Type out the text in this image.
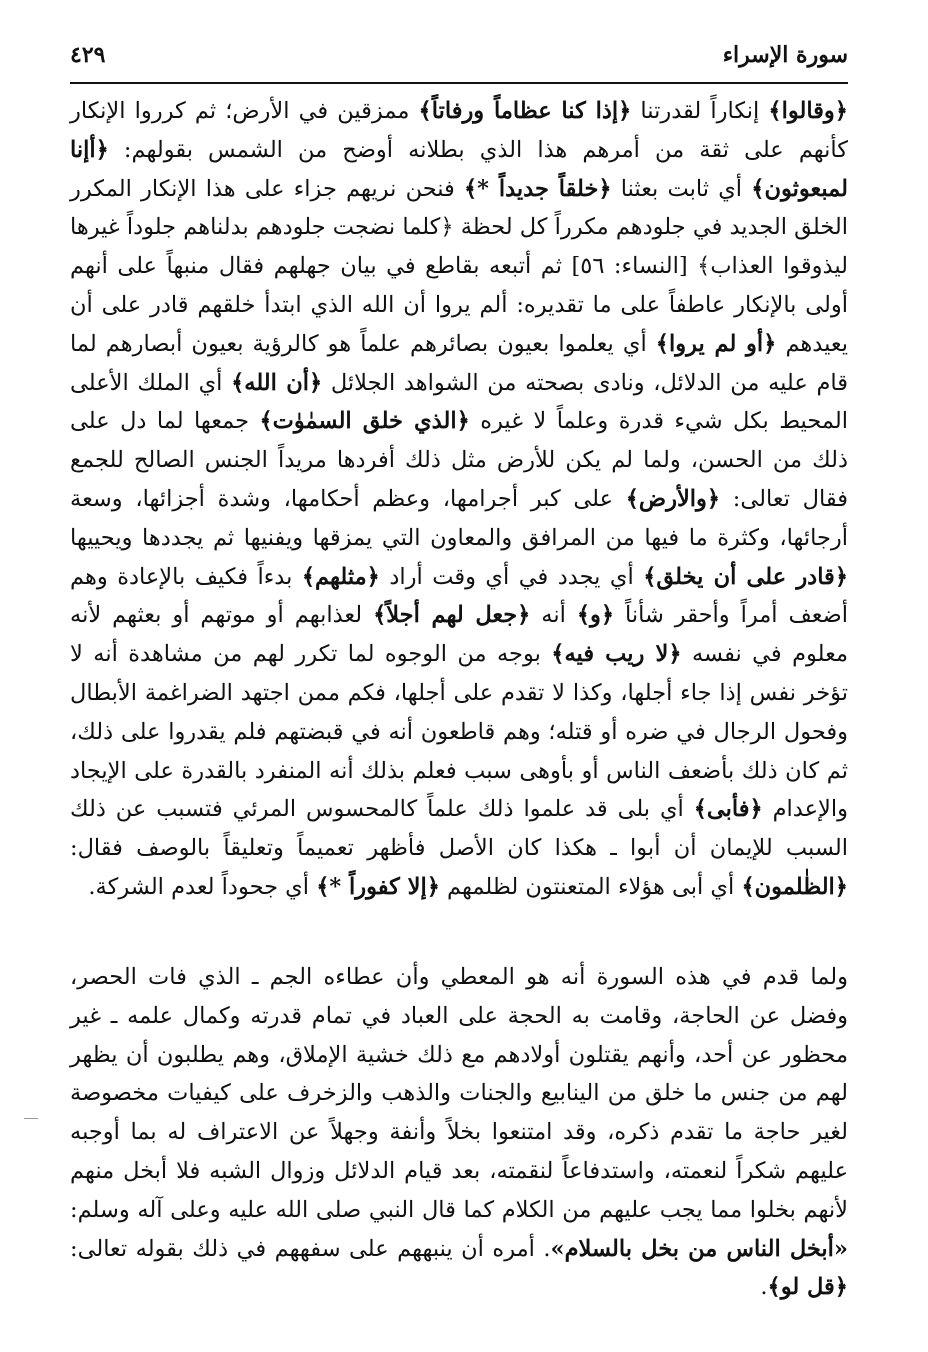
سورة الإسراء
٤٢٩

﴿وقالوا﴾ إنكاراً لقدرتنا ﴿إذا كنا عظاماً ورفاتاً﴾ ممزقين في الأرض؛ ثم كرروا الإنكار كأنهم على ثقة من أمرهم هذا الذي بطلانه أوضح من الشمس بقولهم: ﴿أإنا لمبعوثون﴾ أي ثابت بعثنا ﴿خلقاً جديداً *﴾ فنحن نريهم جزاء على هذا الإنكار المكرر الخلق الجديد في جلودهم مكرراً كل لحظة ﴿كلما نضجت جلودهم بدلناهم جلوداً غيرها ليذوقوا العذاب﴾ [النساء: ٥٦] ثم أتبعه بقاطع في بيان جهلهم فقال منبهاً على أنهم أولى بالإنكار عاطفاً على ما تقديره: ألم يروا أن الله الذي ابتدأ خلقهم قادر على أن يعيدهم ﴿أو لم يروا﴾ أي يعلموا بعيون بصائرهم علماً هو كالرؤية بعيون أبصارهم لما قام عليه من الدلائل، ونادى بصحته من الشواهد الجلائل ﴿أن الله﴾ أي الملك الأعلى المحيط بكل شيء قدرة وعلماً لا غيره ﴿الذي خلق السمٰوٰت﴾ جمعها لما دل على ذلك من الحسن، ولما لم يكن للأرض مثل ذلك أفردها مريداً الجنس الصالح للجمع فقال تعالى: ﴿والأرض﴾ على كبر أجرامها، وعظم أحكامها، وشدة أجزائها، وسعة أرجائها، وكثرة ما فيها من المرافق والمعاون التي يمزقها ويفنيها ثم يجددها ويحييها ﴿قادر على أن يخلق﴾ أي يجدد في أي وقت أراد ﴿مثلهم﴾ بدءاً فكيف بالإعادة وهم أضعف أمراً وأحقر شأناً ﴿و﴾ أنه ﴿جعل لهم أجلاً﴾ لعذابهم أو موتهم أو بعثهم لأنه معلوم في نفسه ﴿لا ريب فيه﴾ بوجه من الوجوه لما تكرر لهم من مشاهدة أنه لا تؤخر نفس إذا جاء أجلها، وكذا لا تقدم على أجلها، فكم ممن اجتهد الضراغمة الأبطال وفحول الرجال في ضره أو قتله؛ وهم قاطعون أنه في قبضتهم فلم يقدروا على ذلك، ثم كان ذلك بأضعف الناس أو بأوهى سبب فعلم بذلك أنه المنفرد بالقدرة على الإيجاد والإعدام ﴿فأبى﴾ أي بلى قد علموا ذلك علماً كالمحسوس المرئي فتسبب عن ذلك السبب للإيمان أن أبوا ـ هكذا كان الأصل فأظهر تعميماً وتعليقاً بالوصف فقال: ﴿الظٰلمون﴾ أي أبى هؤلاء المتعنتون لظلمهم ﴿إلا كفوراً *﴾ أي جحوداً لعدم الشركة.

ولما قدم في هذه السورة أنه هو المعطي وأن عطاءه الجم ـ الذي فات الحصر، وفضل عن الحاجة، وقامت به الحجة على العباد في تمام قدرته وكمال علمه ـ غير محظور عن أحد، وأنهم يقتلون أولادهم مع ذلك خشية الإملاق، وهم يطلبون أن يظهر لهم من جنس ما خلق من الينابيع والجنات والذهب والزخرف على كيفيات مخصوصة لغير حاجة ما تقدم ذكره، وقد امتنعوا بخلاً وأنفة وجهلاً عن الاعتراف له بما أوجبه عليهم شكراً لنعمته، واستدفاعاً لنقمته، بعد قيام الدلائل وزوال الشبه فلا أبخل منهم لأنهم بخلوا مما يجب عليهم من الكلام كما قال النبي صلى الله عليه وعلى آله وسلم: «أبخل الناس من بخل بالسلام». أمره أن ينبههم على سفههم في ذلك بقوله تعالى: ﴿قل لو﴾.
